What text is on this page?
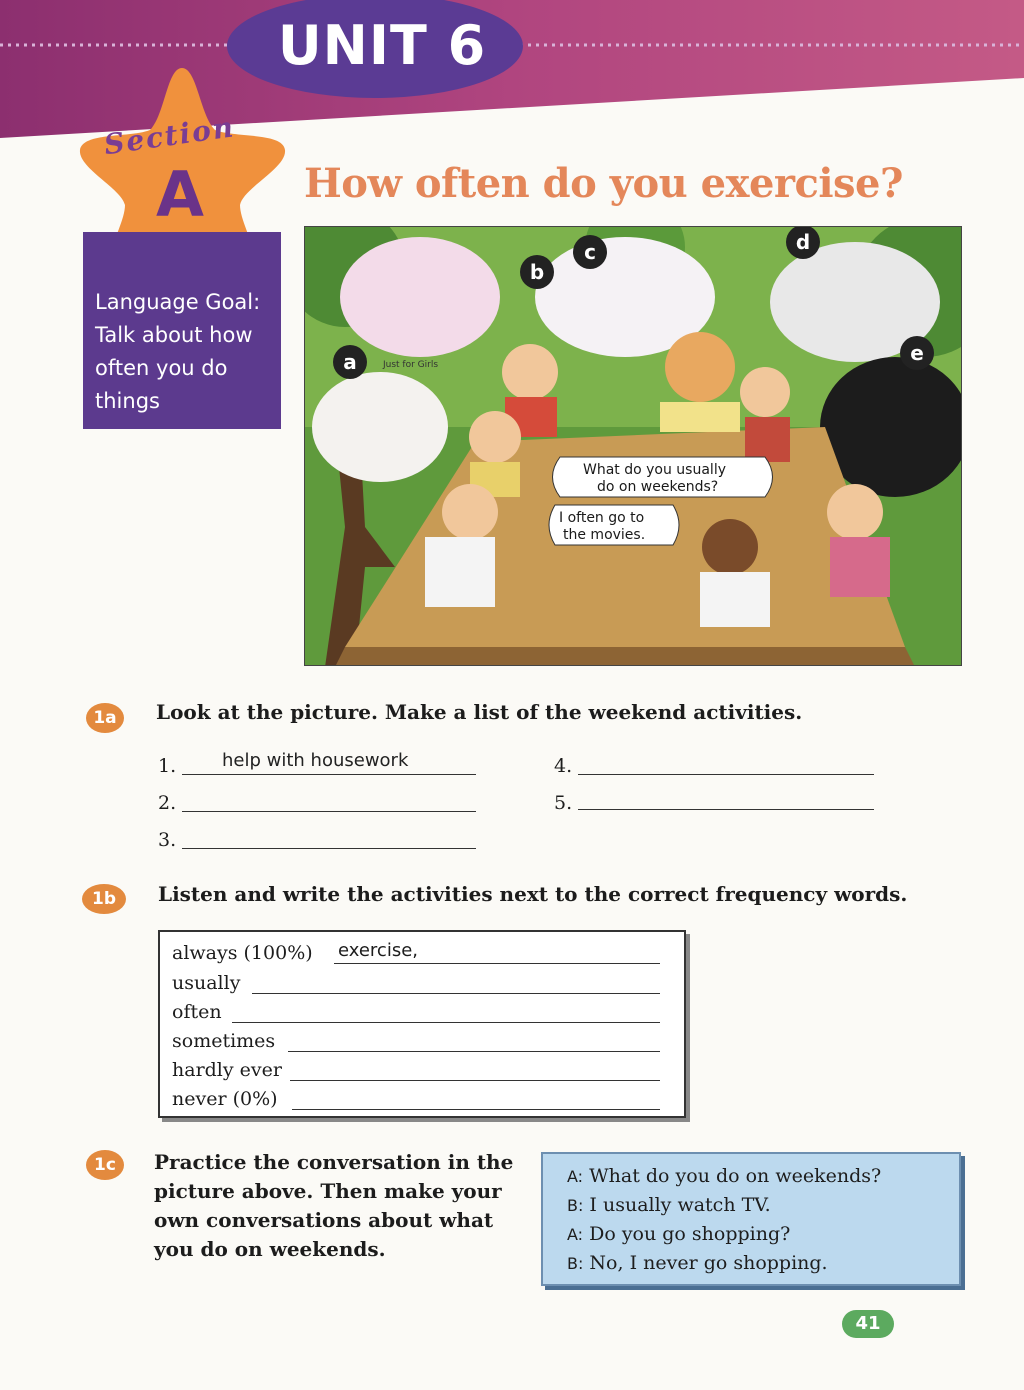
UNIT 6
Section
A
Language Goal:
Talk about how
often you do
things
How often do you exercise?
a
b
c	d
e
Just for Girls
What do you usually
do on weekends?
I often go to
the movies.
1a	Look at the picture. Make a list of the weekend activities.
1.	help with housework
2.
3.
4.
5.
1b	Listen and write the activities next to the correct frequency words.
always (100%) exercise,
usually
often
sometimes
hardly ever
never (0%)
1c	Practice the conversation in the
picture above. Then make your
own conversations about what
you do on weekends.
A: What do you do on weekends?
B: I usually watch TV.
A: Do you go shopping?
B: No, I never go shopping.
41
